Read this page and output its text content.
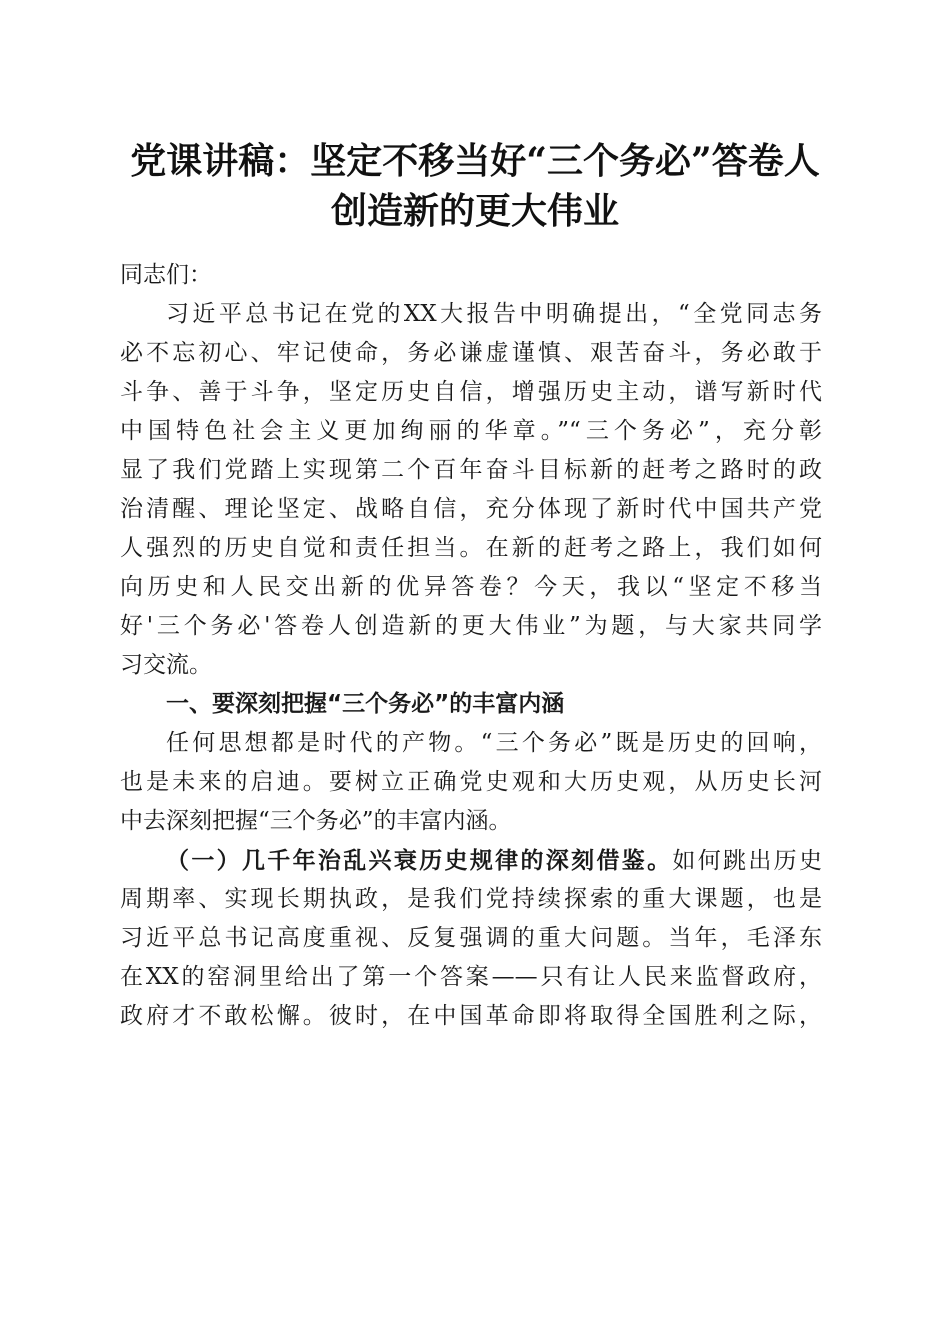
党课讲稿：坚定不移当好“三个务必”答卷人
创造新的更大伟业
同志们：
习近平总书记在党的XX大报告中明确提出，“全党同志务
必不忘初心、牢记使命，务必谦虚谨慎、艰苦奋斗，务必敢于
斗争、善于斗争，坚定历史自信，增强历史主动，谱写新时代
中国特色社会主义更加绚丽的华章。”“三个务必”，充分彰
显了我们党踏上实现第二个百年奋斗目标新的赶考之路时的政
治清醒、理论坚定、战略自信，充分体现了新时代中国共产党
人强烈的历史自觉和责任担当。在新的赶考之路上，我们如何
向历史和人民交出新的优异答卷？今天，我以“坚定不移当
好'三个务必'答卷人创造新的更大伟业”为题，与大家共同学
习交流。
一、要深刻把握“三个务必”的丰富内涵
任何思想都是时代的产物。“三个务必”既是历史的回响，
也是未来的启迪。要树立正确党史观和大历史观，从历史长河
中去深刻把握“三个务必”的丰富内涵。
（一）几千年治乱兴衰历史规律的深刻借鉴。如何跳出历史
周期率、实现长期执政，是我们党持续探索的重大课题，也是
习近平总书记高度重视、反复强调的重大问题。当年，毛泽东
在XX的窑洞里给出了第一个答案——只有让人民来监督政府，
政府才不敢松懈。彼时，在中国革命即将取得全国胜利之际，
